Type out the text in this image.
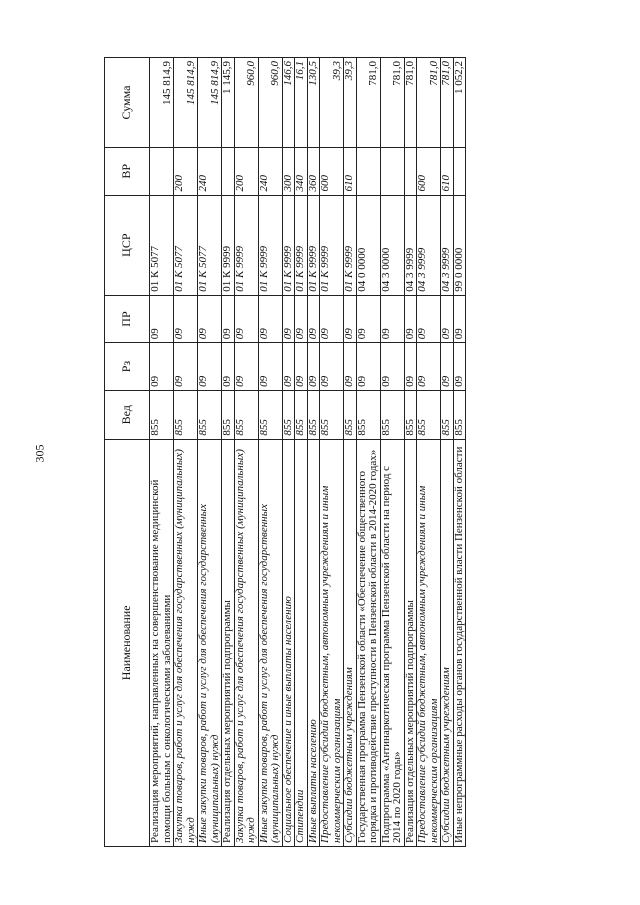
305
Наименование	Вед	Рз	ПР	ЦСР	ВР	Сумма
Реализация мероприятий, направленных на совершенствование медицинской помощи больным с онкологическими заболеваниями	855	09	09	01 К 5077		145 814,9
Закупка товаров, работ и услуг для обеспечения государственных (муниципальных) нужд	855	09	09	01 К 5077	200	145 814,9
Иные закупки товаров, работ и услуг для обеспечения государственных (муниципальных) нужд	855	09	09	01 К 5077	240	145 814,9
Реализация отдельных мероприятий подпрограммы	855	09	09	01 К 9999		1 145,9
Закупка товаров, работ и услуг для обеспечения государственных (муниципальных) нужд	855	09	09	01 К 9999	200	960,0
Иные закупки товаров, работ и услуг для обеспечения государственных (муниципальных) нужд	855	09	09	01 К 9999	240	960,0
Социальное обеспечение и иные выплаты населению	855	09	09	01 К 9999	300	146,6
Стипендии	855	09	09	01 К 9999	340	16,1
Иные выплаты населению	855	09	09	01 К 9999	360	130,5
Предоставление субсидий бюджетным, автономным учреждениям и иным некоммерческим организациям	855	09	09	01 К 9999	600	39,3
Субсидии бюджетным учреждениям	855	09	09	01 К 9999	610	39,3
Государственная программа Пензенской области «Обеспечение общественного порядка и противодействие преступности в Пензенской области в 2014-2020 годах»	855	09	09	04 0 0000		781,0
Подпрограмма «Антинаркотическая программа Пензенской области на период с 2014 по 2020 годы»	855	09	09	04 3 0000		781,0
Реализация отдельных мероприятий подпрограммы	855	09	09	04 3 9999		781,0
Предоставление субсидий бюджетным, автономным учреждениям и иным некоммерческим организациям	855	09	09	04 3 9999	600	781,0
Субсидии бюджетным учреждениям	855	09	09	04 3 9999	610	781,0
Иные непрограммные расходы органов государственной власти Пензенской области	855	09	09	99 0 0000		1 052,2
